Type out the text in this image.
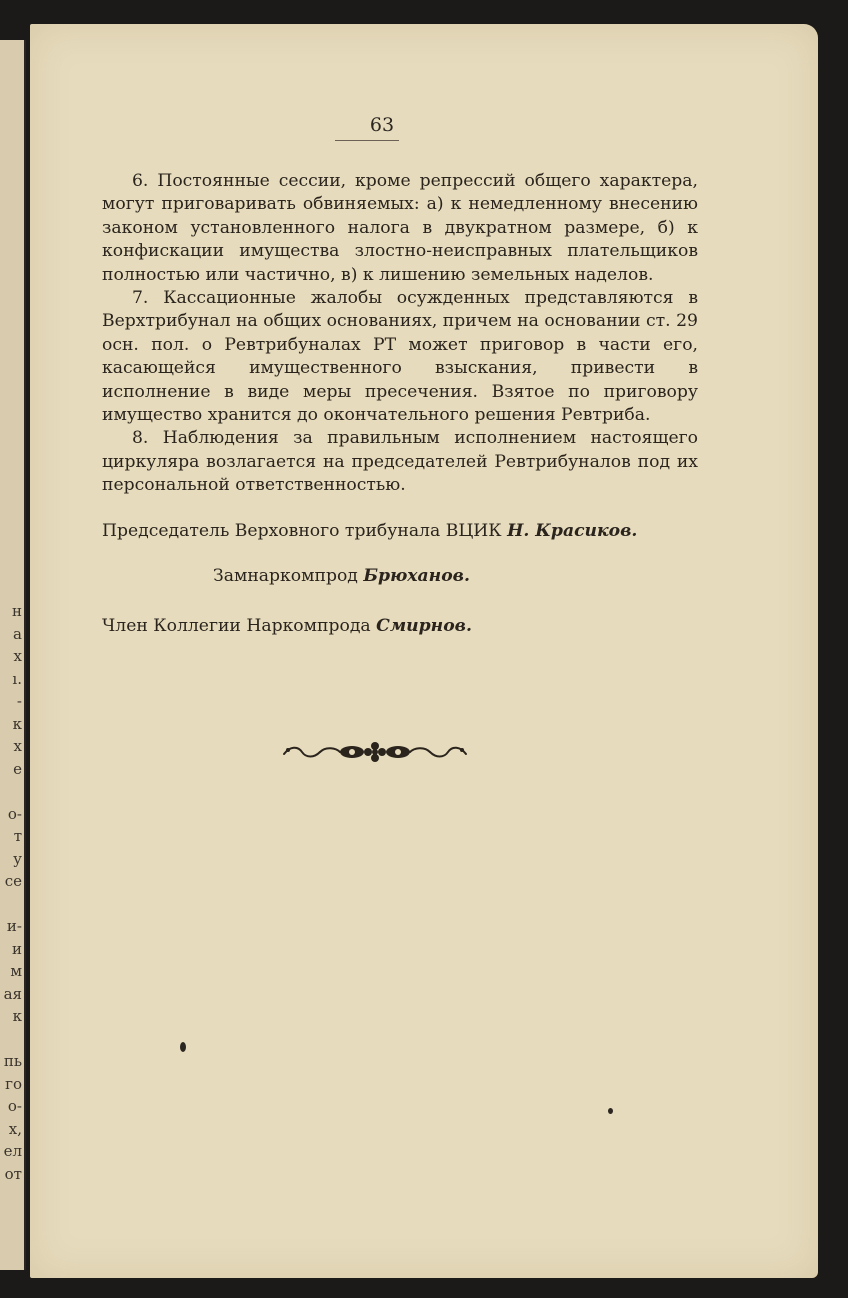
н
а
х
ı.
-
к
х
е
о-
т
у
се
и-
и
м
ая
к
пь
го
о-
х,
ел
от
63

6. Постоянные сессии, кроме репрессий общего характера, могут приговаривать обвиняемых: а) к немедленному внесению законом установленного налога в двукратном размере, б) к конфискации имущества злостно-неисправных плательщиков полностью или частично, в) к лишению земельных наделов.

7. Кассационные жалобы осужденных представляются в Верхтрибунал на общих основаниях, причем на основании ст. 29 осн. пол. о Ревтрибуналах РТ может приговор в части его, касающейся имущественного взыскания, привести в исполнение в виде меры пресечения. Взятое по приговору имущество хранится до окончательного решения Ревтриба.

8. Наблюдения за правильным исполнением настоящего циркуляра возлагается на председателей Ревтрибуналов под их персональной ответственностью.

Председатель Верховного трибунала ВЦИК Н. Красиков.
Замнаркомпрод Брюханов.
Член Коллегии Наркомпрода Смирнов.
